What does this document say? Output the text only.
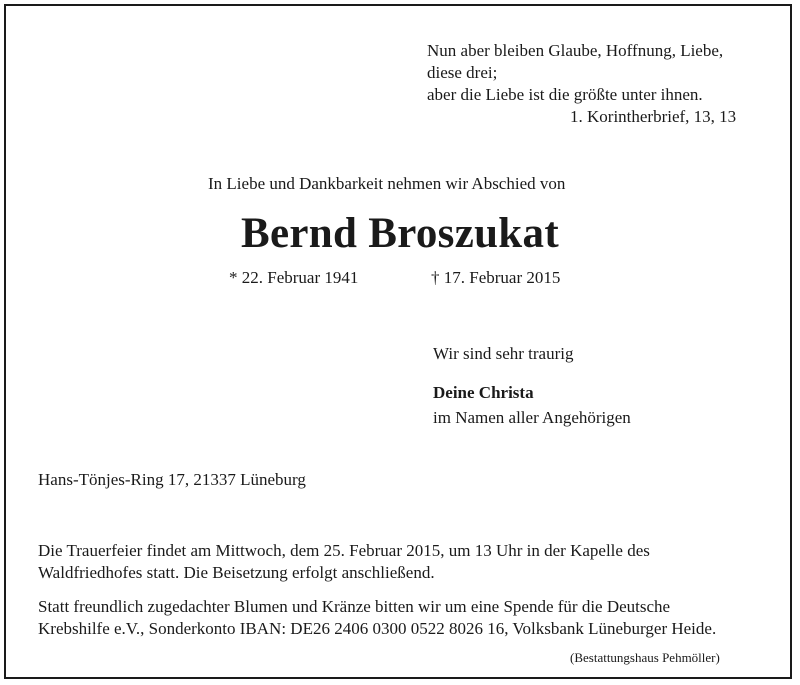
Nun aber bleiben Glaube, Hoffnung, Liebe,
diese drei;
aber die Liebe ist die größte unter ihnen.
1. Korintherbrief, 13, 13
In Liebe und Dankbarkeit nehmen wir Abschied von
Bernd Broszukat
* 22. Februar 1941	† 17. Februar 2015
Wir sind sehr traurig
Deine Christa
im Namen aller Angehörigen
Hans-Tönjes-Ring 17, 21337 Lüneburg
Die Trauerfeier findet am Mittwoch, dem 25. Februar 2015, um 13 Uhr in der Kapelle des
Waldfriedhofes statt. Die Beisetzung erfolgt anschließend.
Statt freundlich zugedachter Blumen und Kränze bitten wir um eine Spende für die Deutsche
Krebshilfe e.V., Sonderkonto IBAN: DE26 2406 0300 0522 8026 16, Volksbank Lüneburger Heide.
(Bestattungshaus Pehmöller)
